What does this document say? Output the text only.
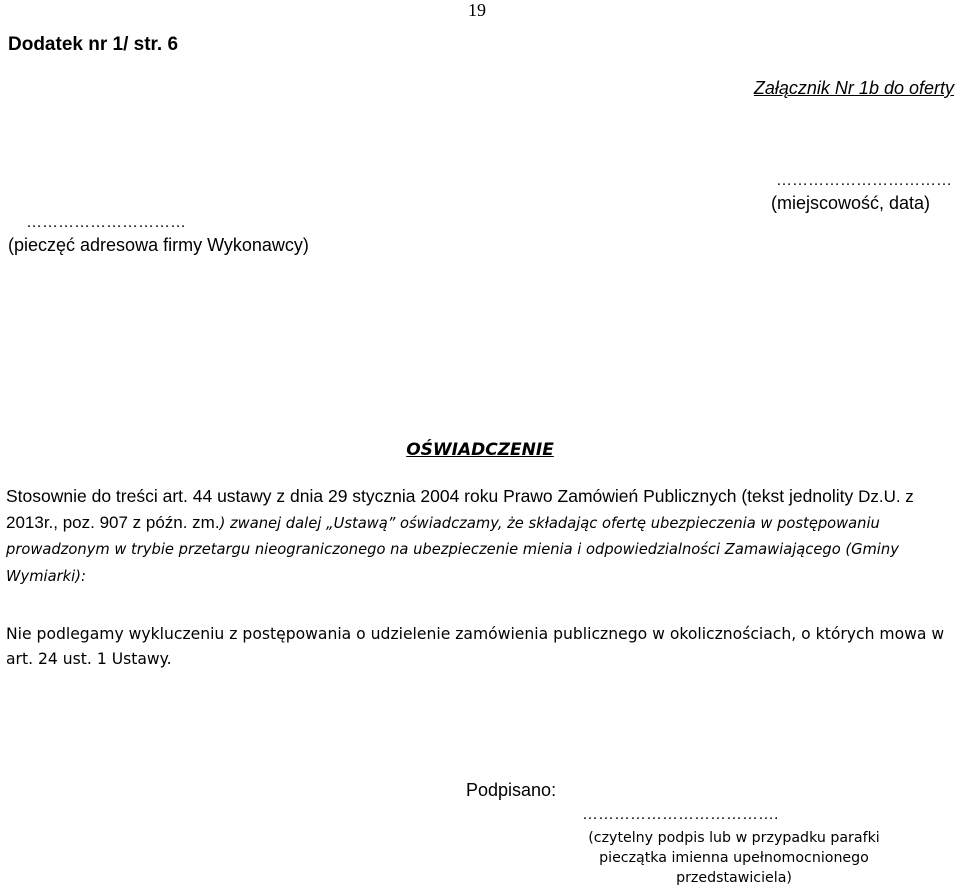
19
Dodatek nr 1/ str. 6
Załącznik Nr 1b do oferty
……………………………
(miejscowość, data)
…………………………
(pieczęć adresowa firmy Wykonawcy)
OŚWIADCZENIE
Stosownie do treści art. 44 ustawy z dnia 29 stycznia 2004 roku Prawo Zamówień Publicznych (tekst jednolity Dz.U. z 2013r., poz. 907 z późn. zm.) zwanej dalej „Ustawą” oświadczamy, że składając ofertę ubezpieczenia w postępowaniu prowadzonym w trybie przetargu nieograniczonego na ubezpieczenie mienia i odpowiedzialności Zamawiającego (Gminy Wymiarki):
Nie podlegamy wykluczeniu z postępowania o udzielenie zamówienia publicznego w okolicznościach, o których mowa w art. 24 ust. 1 Ustawy.
Podpisano:
……………………………….
(czytelny podpis lub w przypadku parafki pieczątka imienna upełnomocnionego przedstawiciela)
